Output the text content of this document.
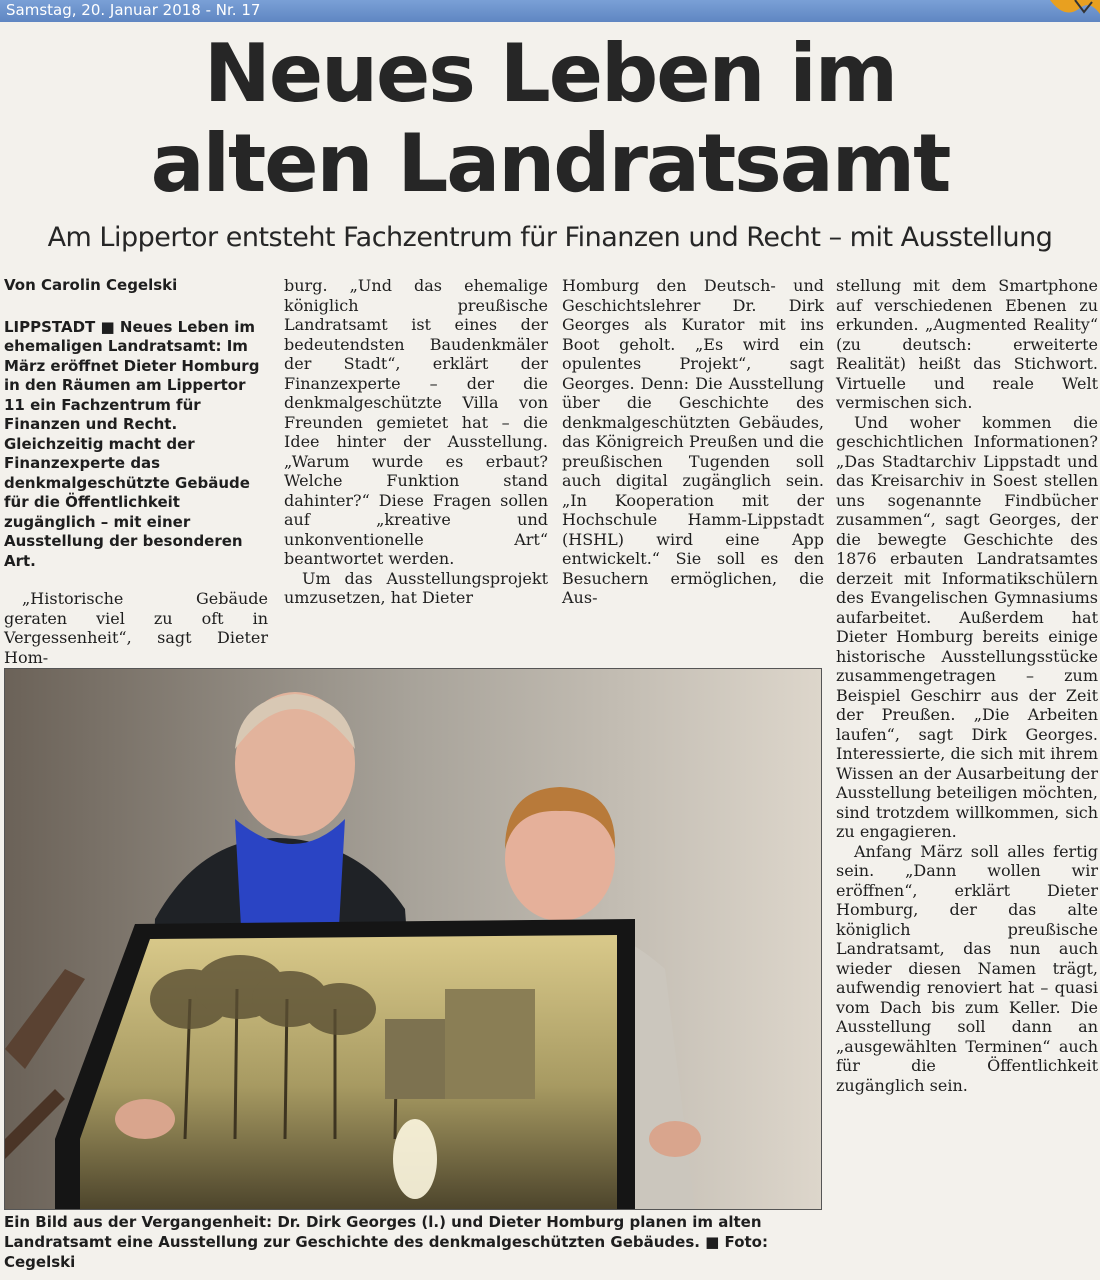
Samstag, 20. Januar 2018 - Nr. 17
Neues Leben im
alten Landratsamt
Am Lippertor entsteht Fachzentrum für Finanzen und Recht – mit Ausstellung
Von Carolin Cegelski
LIPPSTADT ■ Neues Leben im ehemaligen Landratsamt: Im März eröffnet Dieter Homburg in den Räumen am Lippertor 11 ein Fachzentrum für Finanzen und Recht. Gleichzeitig macht der Finanzexperte das denkmalgeschützte Gebäude für die Öffentlichkeit zugänglich – mit einer Ausstellung der besonderen Art.

„Historische Gebäude geraten viel zu oft in Vergessenheit“, sagt Dieter Hom-

burg. „Und das ehemalige königlich preußische Landratsamt ist eines der bedeutendsten Baudenkmäler der Stadt“, erklärt der Finanzexperte – der die denkmalgeschützte Villa von Freunden gemietet hat – die Idee hinter der Ausstellung. „Warum wurde es erbaut? Welche Funktion stand dahinter?“ Diese Fragen sollen auf „kreative und unkonventionelle Art“ beantwortet werden.

Um das Ausstellungsprojekt umzusetzen, hat Dieter

Homburg den Deutsch- und Geschichtslehrer Dr. Dirk Georges als Kurator mit ins Boot geholt. „Es wird ein opulentes Projekt“, sagt Georges. Denn: Die Ausstellung über die Geschichte des denkmalgeschützten Gebäudes, das Königreich Preußen und die preußischen Tugenden soll auch digital zugänglich sein. „In Kooperation mit der Hochschule Hamm-Lippstadt (HSHL) wird eine App entwickelt.“ Sie soll es den Besuchern ermöglichen, die Aus-

stellung mit dem Smartphone auf verschiedenen Ebenen zu erkunden. „Augmented Reality“ (zu deutsch: erweiterte Realität) heißt das Stichwort. Virtuelle und reale Welt vermischen sich.

Und woher kommen die geschichtlichen Informationen? „Das Stadtarchiv Lippstadt und das Kreisarchiv in Soest stellen uns sogenannte Findbücher zusammen“, sagt Georges, der die bewegte Geschichte des 1876 erbauten Landratsamtes derzeit mit Informatikschülern des Evangelischen Gymnasiums aufarbeitet. Außerdem hat Dieter Homburg bereits einige historische Ausstellungsstücke zusammengetragen – zum Beispiel Geschirr aus der Zeit der Preußen. „Die Arbeiten laufen“, sagt Dirk Georges. Interessierte, die sich mit ihrem Wissen an der Ausarbeitung der Ausstellung beteiligen möchten, sind trotzdem willkommen, sich zu engagieren.

Anfang März soll alles fertig sein. „Dann wollen wir eröffnen“, erklärt Dieter Homburg, der das alte königlich preußische Landratsamt, das nun auch wieder diesen Namen trägt, aufwendig renoviert hat – quasi vom Dach bis zum Keller. Die Ausstellung soll dann an „ausgewählten Terminen“ auch für die Öffentlichkeit zugänglich sein.

Ein Bild aus der Vergangenheit: Dr. Dirk Georges (l.) und Dieter Homburg planen im alten Landratsamt eine Ausstellung zur Geschichte des denkmalgeschützten Gebäudes. ■ Foto: Cegelski
